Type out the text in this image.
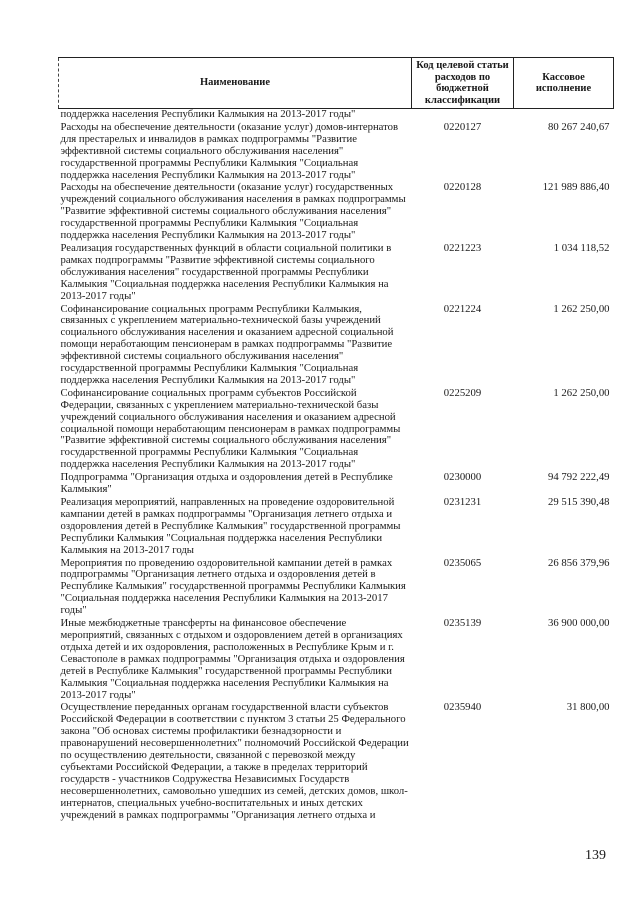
Наименование	Код целевой статьи расходов по бюджетной классификации	Кассовое исполнение
поддержка населения Республики Калмыкия на 2013-2017 годы"		
Расходы на обеспечение деятельности (оказание услуг) домов-интернатов для престарелых и инвалидов в рамках подпрограммы "Развитие эффективной системы социального обслуживания населения" государственной программы Республики Калмыкия "Социальная поддержка населения Республики Калмыкия на 2013-2017 годы"	0220127	80 267 240,67
Расходы на обеспечение деятельности (оказание услуг) государственных учреждений социального обслуживания населения в рамках подпрограммы "Развитие эффективной системы социального обслуживания населения" государственной программы Республики Калмыкия "Социальная поддержка населения Республики Калмыкия на 2013-2017 годы"	0220128	121 989 886,40
Реализация государственных функций в области социальной политики в рамках подпрограммы "Развитие эффективной системы социального обслуживания населения" государственной программы Республики Калмыкия "Социальная поддержка населения Республики Калмыкия на 2013-2017 годы"	0221223	1 034 118,52
Софинансирование социальных программ Республики Калмыкия, связанных с укреплением материально-технической базы учреждений социального обслуживания населения и оказанием адресной социальной помощи неработающим пенсионерам в рамках подпрограммы "Развитие эффективной системы социального обслуживания населения" государственной программы Республики Калмыкия "Социальная поддержка населения Республики Калмыкия на 2013-2017 годы"	0221224	1 262 250,00
Софинансирование социальных программ субъектов Российской Федерации, связанных с укреплением материально-технической базы учреждений социального обслуживания населения и оказанием адресной социальной помощи неработающим пенсионерам в рамках подпрограммы "Развитие эффективной системы социального обслуживания населения" государственной программы Республики Калмыкия "Социальная поддержка населения Республики Калмыкия на 2013-2017 годы"	0225209	1 262 250,00
Подпрограмма "Организация отдыха и оздоровления детей в Республике Калмыкия"	0230000	94 792 222,49
Реализация мероприятий, направленных на проведение оздоровительной кампании детей в рамках подпрограммы "Организация летнего отдыха и оздоровления детей в Республике Калмыкия" государственной программы Республики Калмыкия "Социальная поддержка населения Республики Калмыкия на 2013-2017 годы	0231231	29 515 390,48
Мероприятия по проведению оздоровительной кампании детей в рамках подпрограммы "Организация летнего отдыха и оздоровления детей в Республике Калмыкия" государственной программы Республики Калмыкия "Социальная поддержка населения Республики Калмыкия на 2013-2017 годы"	0235065	26 856 379,96
Иные межбюджетные трансферты на финансовое обеспечение мероприятий, связанных с отдыхом и оздоровлением детей в организациях отдыха детей и их оздоровления, расположенных в Республике Крым и г. Севастополе в рамках подпрограммы "Организация отдыха и оздоровления детей в Республике Калмыкия" государственной программы Республики Калмыкия "Социальная поддержка населения Республики Калмыкия на 2013-2017 годы"	0235139	36 900 000,00
Осуществление переданных органам государственной власти субъектов Российской Федерации в соответствии с пунктом 3 статьи 25 Федерального закона "Об основах системы профилактики безнадзорности и правонарушений несовершеннолетних" полномочий Российской Федерации по осуществлению деятельности, связанной с перевозкой между субъектами Российской Федерации, а также в пределах территорий государств - участников Содружества Независимых Государств несовершеннолетних, самовольно ушедших из семей, детских домов, школ-интернатов, специальных учебно-воспитательных и иных детских учреждений в рамках подпрограммы "Организация летнего отдыха и	0235940	31 800,00
139
